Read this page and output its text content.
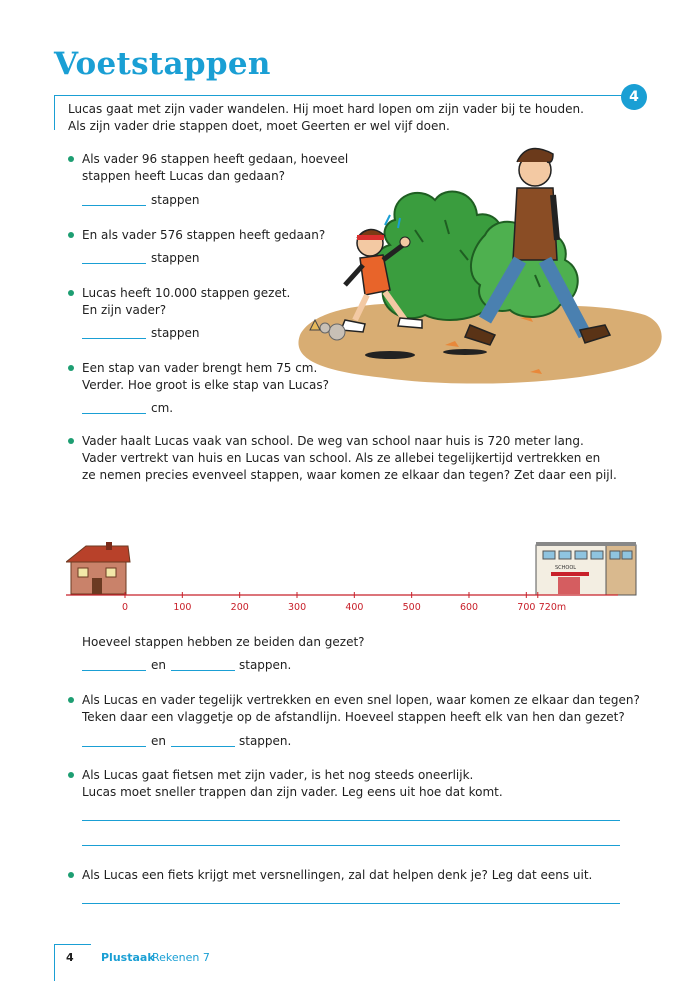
Voetstappen
4

Lucas gaat met zijn vader wandelen. Hij moet hard lopen om zijn vader bij te houden.

Als zijn vader drie stappen doet, moet Geerten er wel vijf doen.

Als vader 96 stappen heeft gedaan, hoeveel

stappen heeft Lucas dan gedaan?

stappen

En als vader 576 stappen heeft gedaan?

stappen

Lucas heeft 10.000 stappen gezet.

En zijn vader?

stappen

Een stap van vader brengt hem 75 cm.

Verder. Hoe groot is elke stap van Lucas?

cm.

Vader haalt Lucas vaak van school. De weg van school naar huis is 720 meter lang.

Vader vertrekt van huis en Lucas van school. Als ze allebei tegelijkertijd vertrekken en

ze nemen precies evenveel stappen, waar komen ze elkaar dan tegen? Zet daar een pijl.

SCHOOL
0	100	200	300	400	500	600	700 720m

Hoeveel stappen hebben ze beiden dan gezet?

en	stappen.

Als Lucas en vader tegelijk vertrekken en even snel lopen, waar komen ze elkaar dan tegen?

Teken daar een vlaggetje op de afstandlijn. Hoeveel stappen heeft elk van hen dan gezet?

en	stappen.

Als Lucas gaat fietsen met zijn vader, is het nog steeds oneerlijk.

Lucas moet sneller trappen dan zijn vader. Leg eens uit hoe dat komt.

Als Lucas een fiets krijgt met versnellingen, zal dat helpen denk je? Leg dat eens uit.

4 Plustaak
Rekenen 7
